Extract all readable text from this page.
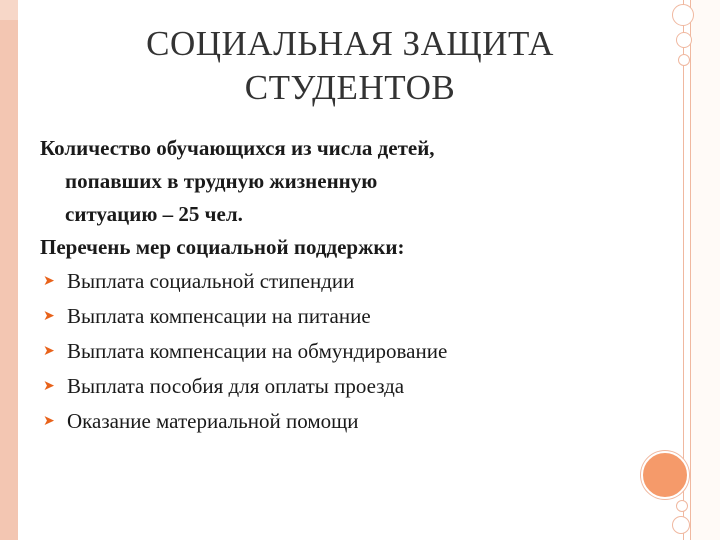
СОЦИАЛЬНАЯ ЗАЩИТА
СТУДЕНТОВ

Количество обучающихся из числа детей,
попавших в трудную жизненную
ситуацию – 25 чел.

Перечень мер социальной поддержки:

➤ Выплата социальной стипендии
➤ Выплата компенсации на питание
➤ Выплата компенсации на обмундирование
➤ Выплата пособия для оплаты проезда
➤ Оказание материальной помощи
